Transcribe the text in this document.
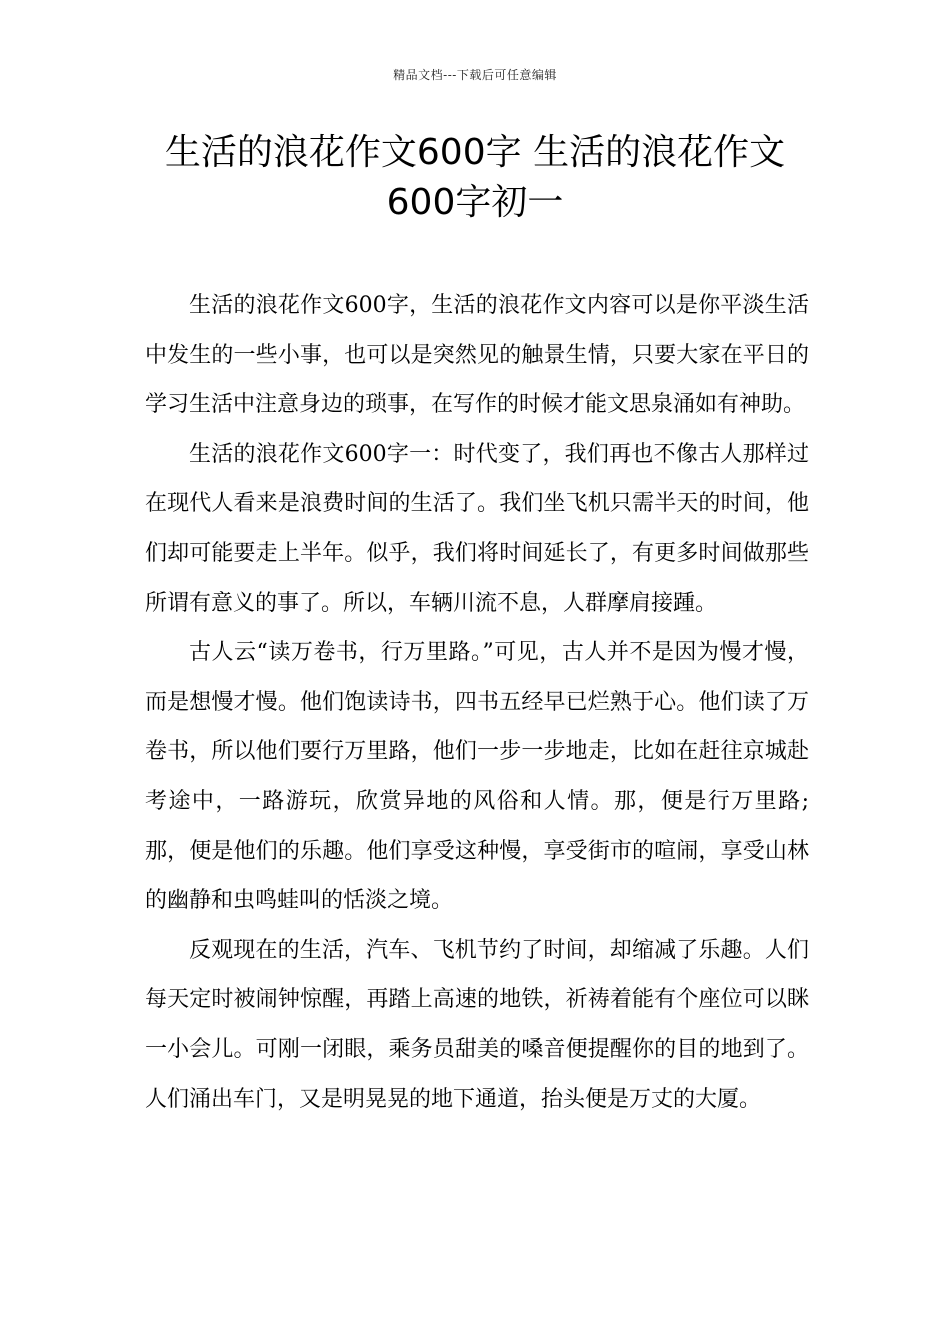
精品文档---下载后可任意编辑
生活的浪花作文600字 生活的浪花作文600字初一

生活的浪花作文600字，生活的浪花作文内容可以是你平淡生活中发生的一些小事，也可以是突然见的触景生情，只要大家在平日的学习生活中注意身边的琐事，在写作的时候才能文思泉涌如有神助。

生活的浪花作文600字一：时代变了，我们再也不像古人那样过在现代人看来是浪费时间的生活了。我们坐飞机只需半天的时间，他们却可能要走上半年。似乎，我们将时间延长了，有更多时间做那些所谓有意义的事了。所以，车辆川流不息，人群摩肩接踵。

古人云“读万卷书，行万里路。”可见，古人并不是因为慢才慢，而是想慢才慢。他们饱读诗书，四书五经早已烂熟于心。他们读了万卷书，所以他们要行万里路，他们一步一步地走，比如在赶往京城赴考途中，一路游玩，欣赏异地的风俗和人情。那，便是行万里路;那，便是他们的乐趣。他们享受这种慢，享受街市的喧闹，享受山林的幽静和虫鸣蛙叫的恬淡之境。

反观现在的生活，汽车、飞机节约了时间，却缩减了乐趣。人们每天定时被闹钟惊醒，再踏上高速的地铁，祈祷着能有个座位可以眯一小会儿。可刚一闭眼，乘务员甜美的嗓音便提醒你的目的地到了。人们涌出车门，又是明晃晃的地下通道，抬头便是万丈的大厦。
